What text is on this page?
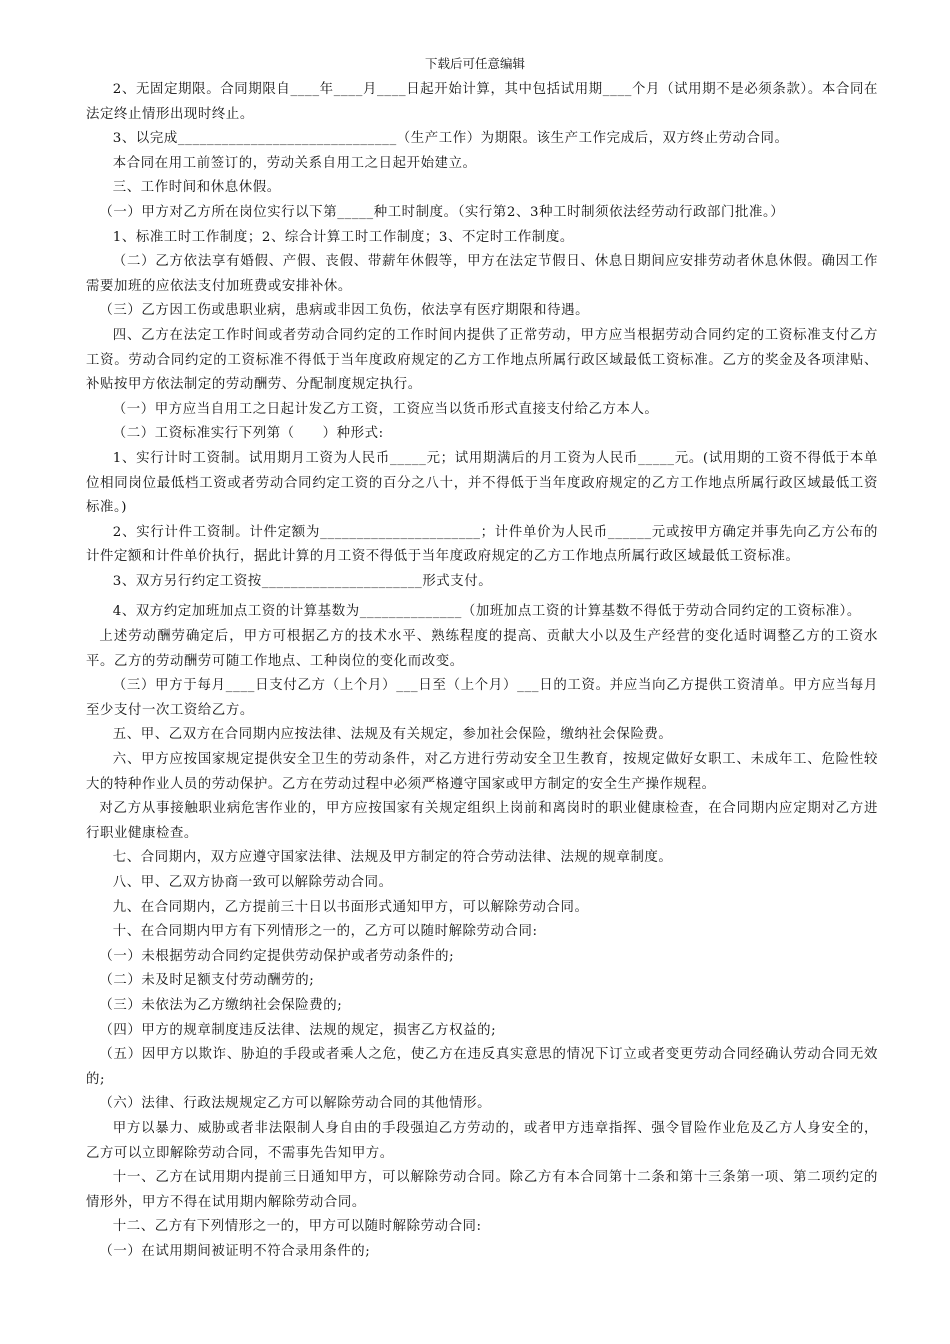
下载后可任意编辑

2、无固定期限。合同期限自____年____月____日起开始计算，其中包括试用期____个月（试用期不是必须条款）。本合同在法定终止情形出现时终止。

3、以完成______________________________（生产工作）为期限。该生产工作完成后，双方终止劳动合同。

本合同在用工前签订的，劳动关系自用工之日起开始建立。

三、工作时间和休息休假。

（一）甲方对乙方所在岗位实行以下第_____种工时制度。（实行第2、3种工时制须依法经劳动行政部门批准。）

1、标准工时工作制度；2、综合计算工时工作制度；3、不定时工作制度。

（二）乙方依法享有婚假、产假、丧假、带薪年休假等，甲方在法定节假日、休息日期间应安排劳动者休息休假。确因工作需要加班的应依法支付加班费或安排补休。

（三）乙方因工伤或患职业病，患病或非因工负伤，依法享有医疗期限和待遇。

四、乙方在法定工作时间或者劳动合同约定的工作时间内提供了正常劳动，甲方应当根据劳动合同约定的工资标准支付乙方工资。劳动合同约定的工资标准不得低于当年度政府规定的乙方工作地点所属行政区域最低工资标准。乙方的奖金及各项津贴、补贴按甲方依法制定的劳动酬劳、分配制度规定执行。

（一）甲方应当自用工之日起计发乙方工资，工资应当以货币形式直接支付给乙方本人。

（二）工资标准实行下列第（　　）种形式:

1、实行计时工资制。试用期月工资为人民币_____元；试用期满后的月工资为人民币_____元。(试用期的工资不得低于本单位相同岗位最低档工资或者劳动合同约定工资的百分之八十，并不得低于当年度政府规定的乙方工作地点所属行政区域最低工资标准。)

2、实行计件工资制。计件定额为______________________；计件单价为人民币______元或按甲方确定并事先向乙方公布的计件定额和计件单价执行，据此计算的月工资不得低于当年度政府规定的乙方工作地点所属行政区域最低工资标准。

3、双方另行约定工资按______________________形式支付。

4、双方约定加班加点工资的计算基数为______________（加班加点工资的计算基数不得低于劳动合同约定的工资标准）。

上述劳动酬劳确定后，甲方可根据乙方的技术水平、熟练程度的提高、贡献大小以及生产经营的变化适时调整乙方的工资水平。乙方的劳动酬劳可随工作地点、工种岗位的变化而改变。

（三）甲方于每月____日支付乙方（上个月）___日至（上个月）___日的工资。并应当向乙方提供工资清单。甲方应当每月至少支付一次工资给乙方。

五、甲、乙双方在合同期内应按法律、法规及有关规定，参加社会保险，缴纳社会保险费。

六、甲方应按国家规定提供安全卫生的劳动条件，对乙方进行劳动安全卫生教育，按规定做好女职工、未成年工、危险性较大的特种作业人员的劳动保护。乙方在劳动过程中必须严格遵守国家或甲方制定的安全生产操作规程。

对乙方从事接触职业病危害作业的，甲方应按国家有关规定组织上岗前和离岗时的职业健康检查，在合同期内应定期对乙方进行职业健康检查。

七、合同期内，双方应遵守国家法律、法规及甲方制定的符合劳动法律、法规的规章制度。

八、甲、乙双方协商一致可以解除劳动合同。

九、在合同期内，乙方提前三十日以书面形式通知甲方，可以解除劳动合同。

十、在合同期内甲方有下列情形之一的，乙方可以随时解除劳动合同:

（一）未根据劳动合同约定提供劳动保护或者劳动条件的;

（二）未及时足额支付劳动酬劳的;

（三）未依法为乙方缴纳社会保险费的;

（四）甲方的规章制度违反法律、法规的规定，损害乙方权益的;

（五）因甲方以欺诈、胁迫的手段或者乘人之危，使乙方在违反真实意思的情况下订立或者变更劳动合同经确认劳动合同无效的;

（六）法律、行政法规规定乙方可以解除劳动合同的其他情形。

甲方以暴力、威胁或者非法限制人身自由的手段强迫乙方劳动的，或者甲方违章指挥、强令冒险作业危及乙方人身安全的，乙方可以立即解除劳动合同，不需事先告知甲方。

十一、乙方在试用期内提前三日通知甲方，可以解除劳动合同。除乙方有本合同第十二条和第十三条第一项、第二项约定的情形外，甲方不得在试用期内解除劳动合同。

十二、乙方有下列情形之一的，甲方可以随时解除劳动合同:

（一）在试用期间被证明不符合录用条件的;
